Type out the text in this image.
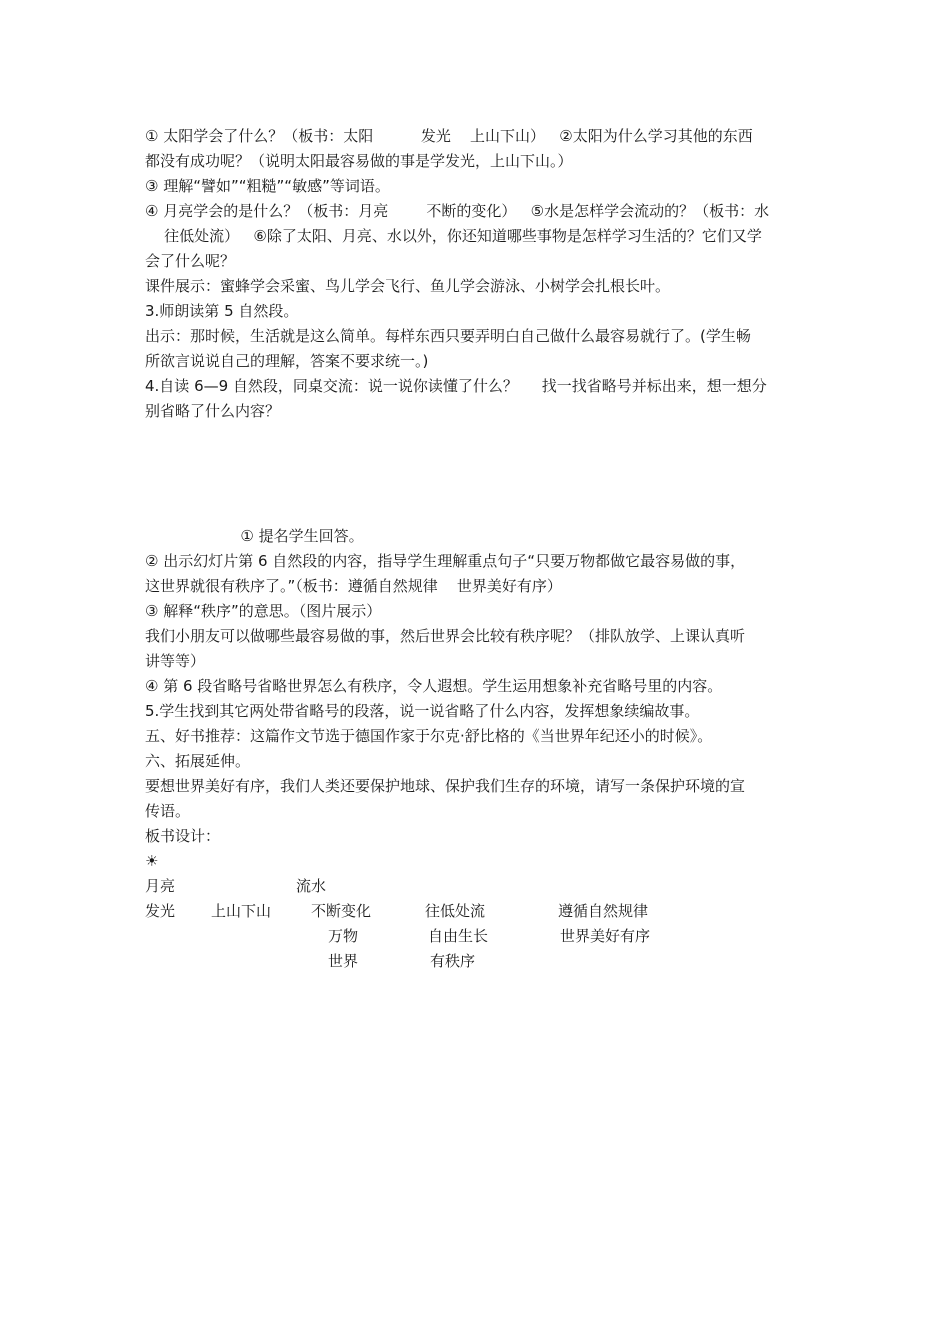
① 太阳学会了什么？（板书：太阳          发光    上山下山）   ②太阳为什么学习其他的东西
都没有成功呢？（说明太阳最容易做的事是学发光，上山下山。）
③ 理解“譬如”“粗糙”“敏感”等词语。
④ 月亮学会的是什么？（板书：月亮        不断的变化）   ⑤水是怎样学会流动的？（板书：水
往低处流）   ⑥除了太阳、月亮、水以外，你还知道哪些事物是怎样学习生活的？它们又学
会了什么呢？
课件展示：蜜蜂学会采蜜、鸟儿学会飞行、鱼儿学会游泳、小树学会扎根长叶。
3.师朗读第 5 自然段。
出示：那时候，生活就是这么简单。每样东西只要弄明白自己做什么最容易就行了。(学生畅
所欲言说说自己的理解，答案不要求统一。)
4.自读 6—9 自然段，同桌交流：说一说你读懂了什么？     找一找省略号并标出来，想一想分
别省略了什么内容？
① 提名学生回答。
② 出示幻灯片第 6 自然段的内容，指导学生理解重点句子“只要万物都做它最容易做的事，
这世界就很有秩序了。”（板书：遵循自然规律    世界美好有序）
③ 解释“秩序”的意思。（图片展示）
我们小朋友可以做哪些最容易做的事，然后世界会比较有秩序呢？（排队放学、上课认真听
讲等等）
④ 第 6 段省略号省略世界怎么有秩序，令人遐想。学生运用想象补充省略号里的内容。
5.学生找到其它两处带省略号的段落，说一说省略了什么内容，发挥想象续编故事。
五、好书推荐：这篇作文节选于德国作家于尔克·舒比格的《当世界年纪还小的时候》。
六、拓展延伸。
要想世界美好有序，我们人类还要保护地球、保护我们生存的环境，请写一条保护环境的宣
传语。
板书设计：
☀
月亮	流水
发光 上山下山	不断变化	往低处流	遵循自然规律
万物	自由生长	世界美好有序
世界	有秩序
